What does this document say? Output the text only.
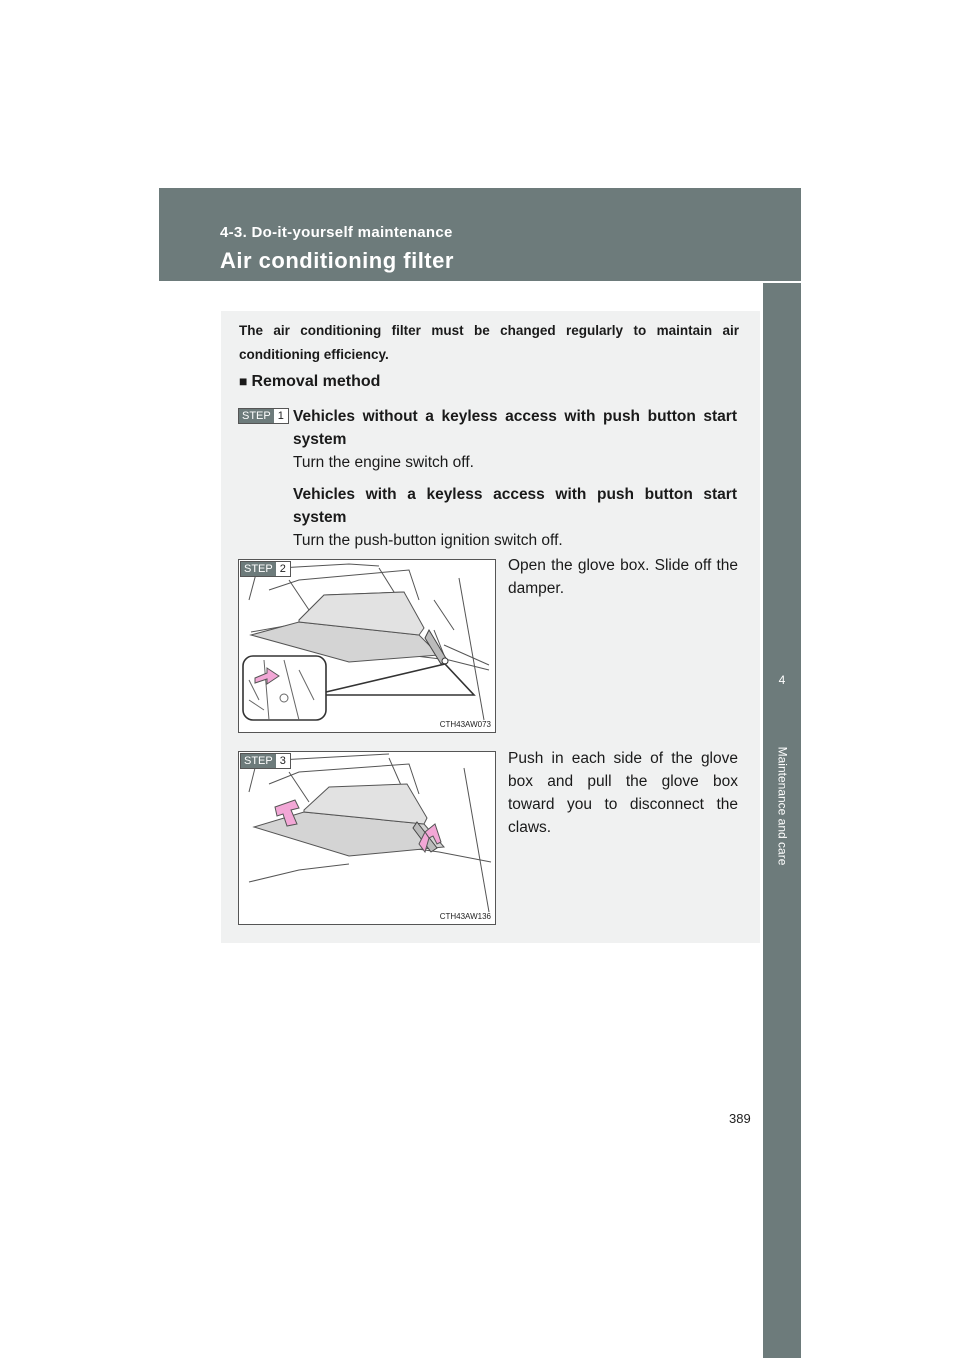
4-3. Do-it-yourself maintenance
Air conditioning filter
4
Maintenance and care
The air conditioning filter must be changed regularly to maintain air conditioning efficiency.
■ Removal method
STEP 1 Vehicles without a keyless access with push button start system
Turn the engine switch off.
Vehicles with a keyless access with push button start system
Turn the push-button ignition switch off.
STEP 2
CTH43AW073
Open the glove box. Slide off the damper.
STEP 3
CTH43AW136
Push in each side of the glove box and pull the glove box toward you to disconnect the claws.
389
